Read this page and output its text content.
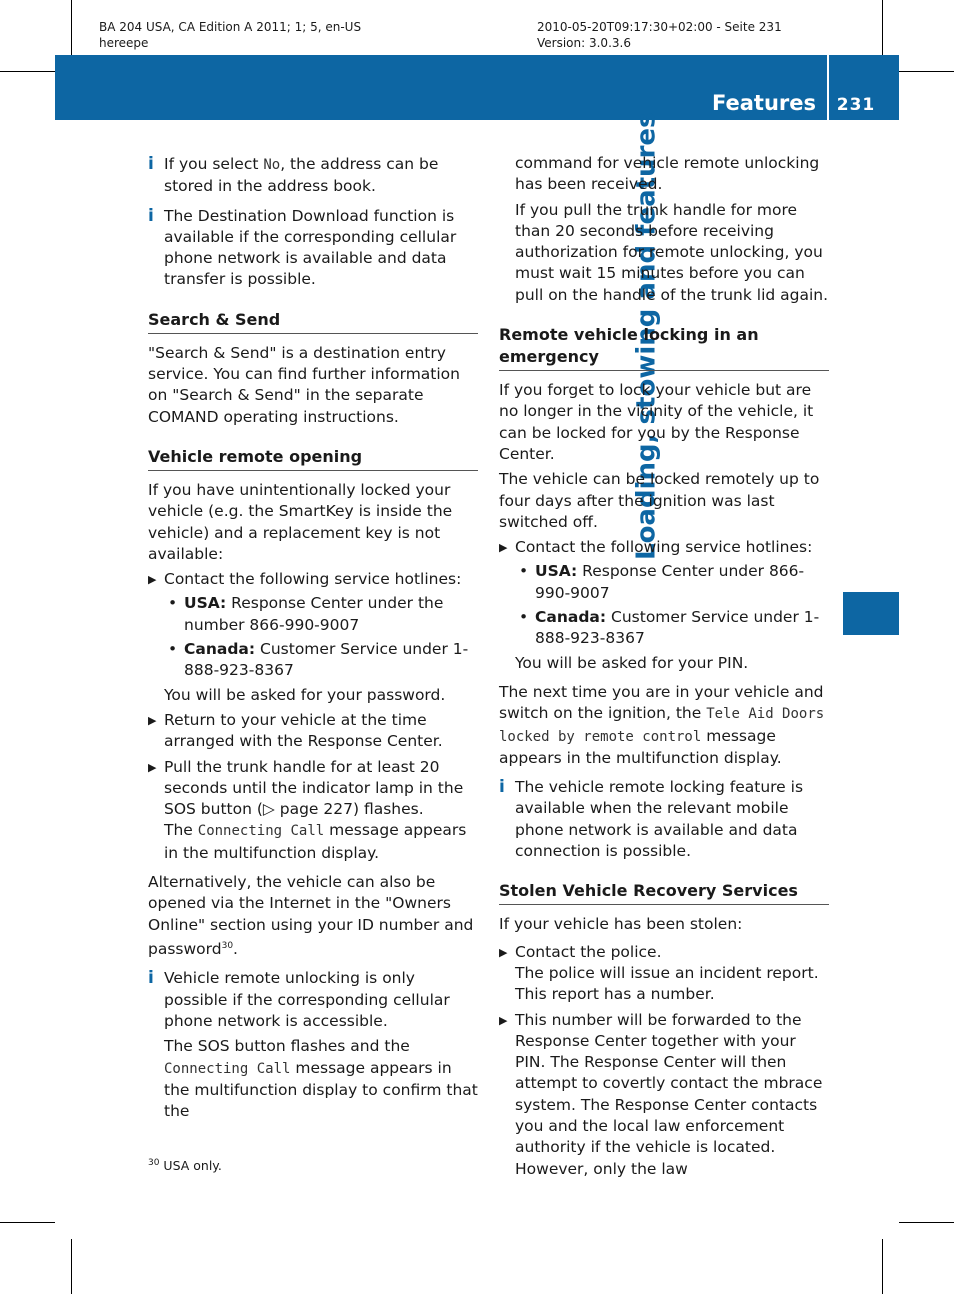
BA 204 USA, CA Edition A 2011; 1; 5, en-US
hereepe
2010-05-20T09:17:30+02:00 - Seite 231
Version: 3.0.3.6
Features	231
Loading, stowing and features
i If you select No, the address can be stored in the address book.
i The Destination Download function is available if the corresponding cellular phone network is available and data transfer is possible.
Search & Send

"Search & Send" is a destination entry service. You can find further information on "Search & Send" in the separate COMAND operating instructions.

Vehicle remote opening

If you have unintentionally locked your vehicle (e.g. the SmartKey is inside the vehicle) and a replacement key is not available:

▶ Contact the following service hotlines:
• USA: Response Center under the number 866-990-9007
• Canada: Customer Service under 1-888-923-8367
You will be asked for your password.
▶ Return to your vehicle at the time arranged with the Response Center.
▶ Pull the trunk handle for at least 20 seconds until the indicator lamp in the SOS button (▷ page 227) flashes.
The Connecting Call message appears in the multifunction display.

Alternatively, the vehicle can also be opened via the Internet in the "Owners Online" section using your ID number and password$^{30}$.

i Vehicle remote unlocking is only possible if the corresponding cellular phone network is accessible.
The SOS button flashes and the Connecting Call message appears in the multifunction display to confirm that the
command for vehicle remote unlocking has been received.
If you pull the trunk handle for more than 20 seconds before receiving authorization for remote unlocking, you must wait 15 minutes before you can pull on the handle of the trunk lid again.
Remote vehicle locking in an emergency

If you forget to lock your vehicle but are no longer in the vicinity of the vehicle, it can be locked for you by the Response Center.

The vehicle can be locked remotely up to four days after the ignition was last switched off.

▶ Contact the following service hotlines:
• USA: Response Center under 866-990-9007
• Canada: Customer Service under 1-888-923-8367
You will be asked for your PIN.

The next time you are in your vehicle and switch on the ignition, the Tele Aid Doors locked by remote control message appears in the multifunction display.

i The vehicle remote locking feature is available when the relevant mobile phone network is available and data connection is possible.
Stolen Vehicle Recovery Services

If your vehicle has been stolen:

▶ Contact the police.
The police will issue an incident report. This report has a number.
▶ This number will be forwarded to the Response Center together with your PIN. The Response Center will then attempt to covertly contact the mbrace system. The Response Center contacts you and the local law enforcement authority if the vehicle is located. However, only the law
$^{30}$ USA only.
